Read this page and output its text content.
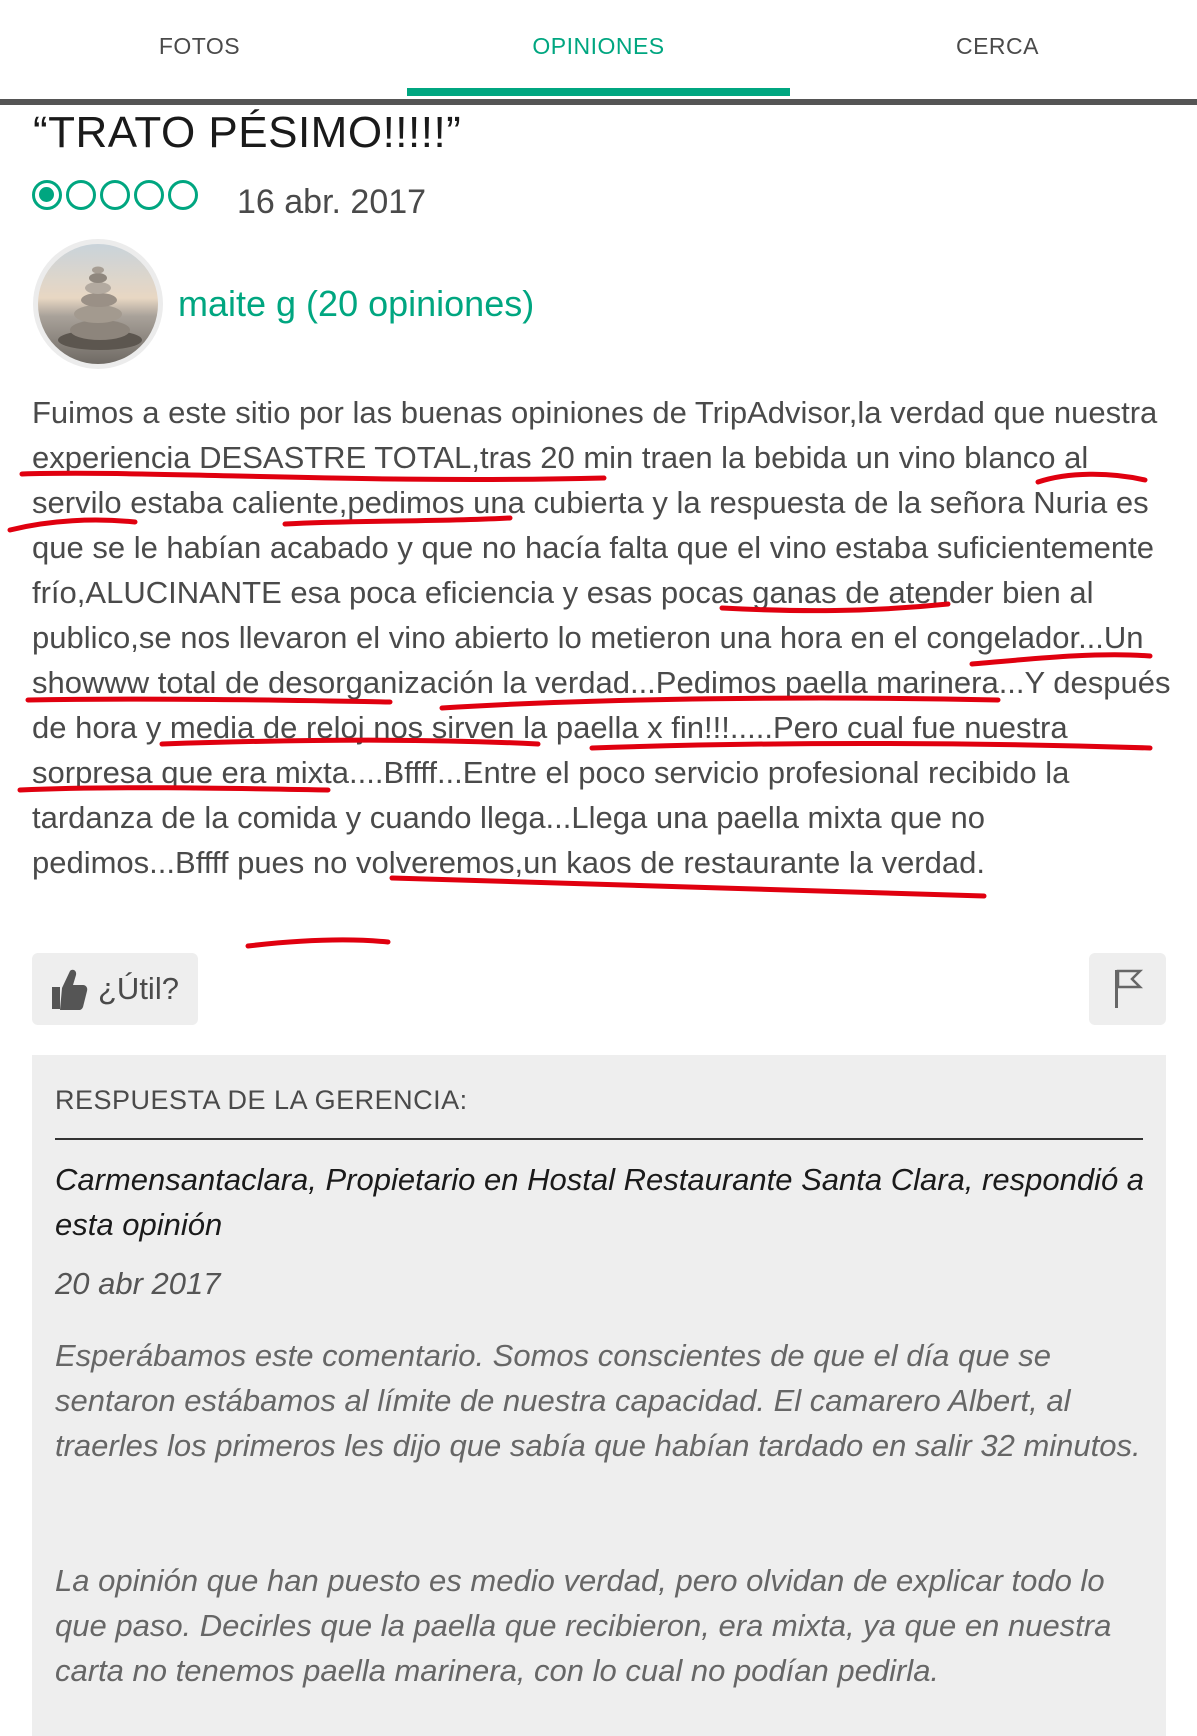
FOTOS	OPINIONES	CERCA
“TRATO PÉSIMO!!!!!”
16 abr. 2017
maite g (20 opiniones)

Fuimos a este sitio por las buenas opiniones de TripAdvisor,la verdad que nuestra experiencia DESASTRE TOTAL,tras 20 min traen la bebida un vino blanco al servilo estaba caliente,pedimos una cubierta y la respuesta de la señora Nuria es que se le habían acabado y que no hacía falta que el vino estaba suficientemente frío,ALUCINANTE esa poca eficiencia y esas pocas ganas de atender bien al publico,se nos llevaron el vino abierto lo metieron una hora en el congelador...Un showww total de desorganización la verdad...Pedimos paella marinera...Y después de hora y media de reloj nos sirven la paella x fin!!!.....Pero cual fue nuestra sorpresa que era mixta....Bffff...Entre el poco servicio profesional recibido la tardanza de la comida y cuando llega...Llega una paella mixta que no pedimos...Bffff pues no volveremos,un kaos de restaurante la verdad.

¿Útil?
RESPUESTA DE LA GERENCIA:

Carmensantaclara, Propietario en Hostal Restaurante Santa Clara, respondió a esta opinión

20 abr 2017

Esperábamos este comentario. Somos conscientes de que el día que se sentaron estábamos al límite de nuestra capacidad. El camarero Albert, al traerles los primeros les dijo que sabía que habían tardado en salir 32 minutos.

La opinión que han puesto es medio verdad, pero olvidan de explicar todo lo que paso. Decirles que la paella que recibieron, era mixta, ya que en nuestra carta no tenemos paella marinera, con lo cual no podían pedirla.
